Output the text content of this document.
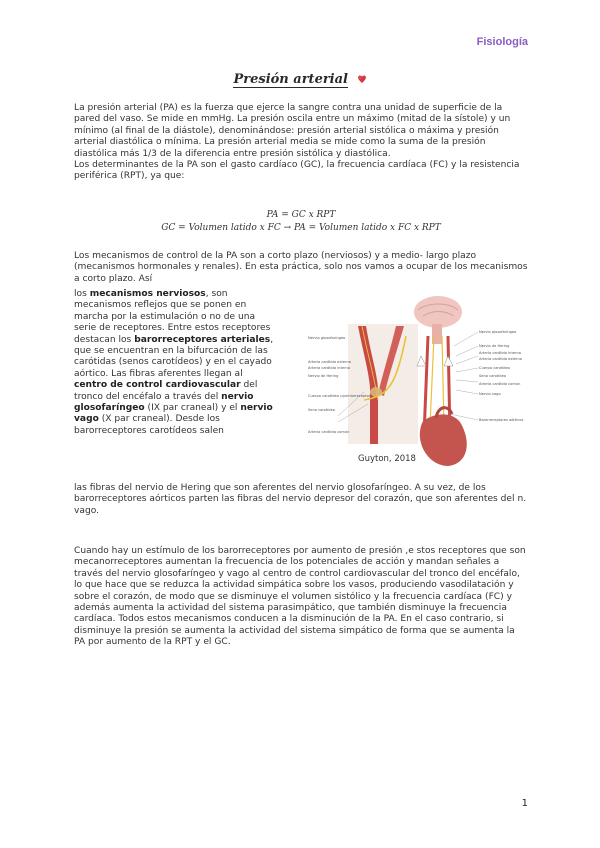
Fisiología
Presión arterial
La presión arterial (PA) es la fuerza que ejerce la sangre contra una unidad de superficie de la pared del vaso. Se mide en mmHg. La presión oscila entre un máximo (mitad de la sístole) y un mínimo (al final de la diástole), denominándose: presión arterial sistólica o máxima y presión arterial diastólica o mínima. La presión arterial media se mide como la suma de la presión diastólica más 1/3 de la diferencia entre presión sistólica y diastólica.
Los determinantes de la PA son el gasto cardíaco (GC), la frecuencia cardíaca (FC) y la resistencia periférica (RPT), ya que:
PA = GC x RPT
GC = Volumen latido x FC → PA = Volumen latido x FC x RPT
Los mecanismos de control de la PA son a corto plazo (nerviosos) y a medio- largo plazo (mecanismos hormonales y renales). En esta práctica, solo nos vamos a ocupar de los mecanismos a corto plazo. Así
los mecanismos nerviosos, son mecanismos reflejos que se ponen en marcha por la estimulación o no de una serie de receptores. Entre estos receptores destacan los barorreceptores arteriales, que se encuentran en la bifurcación de las carótidas (senos carotídeos) y en el cayado aórtico. Las fibras aferentes llegan al centro de control cardiovascular del tronco del encéfalo a través del nervio glosofaríngeo (IX par craneal) y el nervio vago (X par craneal). Desde los barorreceptores carotídeos salen
Nervio glosofaríngeo
Arteria carótida externa
Arteria carótida interna
Nervio de Hering
Cuerpo carotídeo (quimiorreceptor)
Seno carotídeo
Arteria carótida común
Nervio glosofaríngeo
Nervio de Hering
Arteria carótida interna
Arteria carótida externa
Cuerpo carotídeo
Seno carotídeo
Arteria carótida común
Nervio vago
Barorreceptores aórticos
Guyton, 2018
las fibras del nervio de Hering que son aferentes del nervio glosofaríngeo. A su vez, de los barorreceptores aórticos parten las fibras del nervio depresor del corazón, que son aferentes del n. vago.
Cuando hay un estímulo de los barorreceptores por aumento de presión ,e stos receptores que son mecanorreceptores aumentan la frecuencia de los potenciales de acción y mandan señales a través del nervio glosofaríngeo y vago al centro de control cardiovascular del tronco del encéfalo, lo que hace que se reduzca la actividad simpática sobre los vasos, produciendo vasodilatación y sobre el corazón, de modo que se disminuye el volumen sistólico y la frecuencia cardíaca (FC) y además aumenta la actividad del sistema parasimpático, que también disminuye la frecuencia cardíaca. Todos estos mecanismos conducen a la disminución de la PA. En el caso contrario, si disminuye la presión se aumenta la actividad del sistema simpático de forma que se aumenta la PA por aumento de la RPT y el GC.
1
